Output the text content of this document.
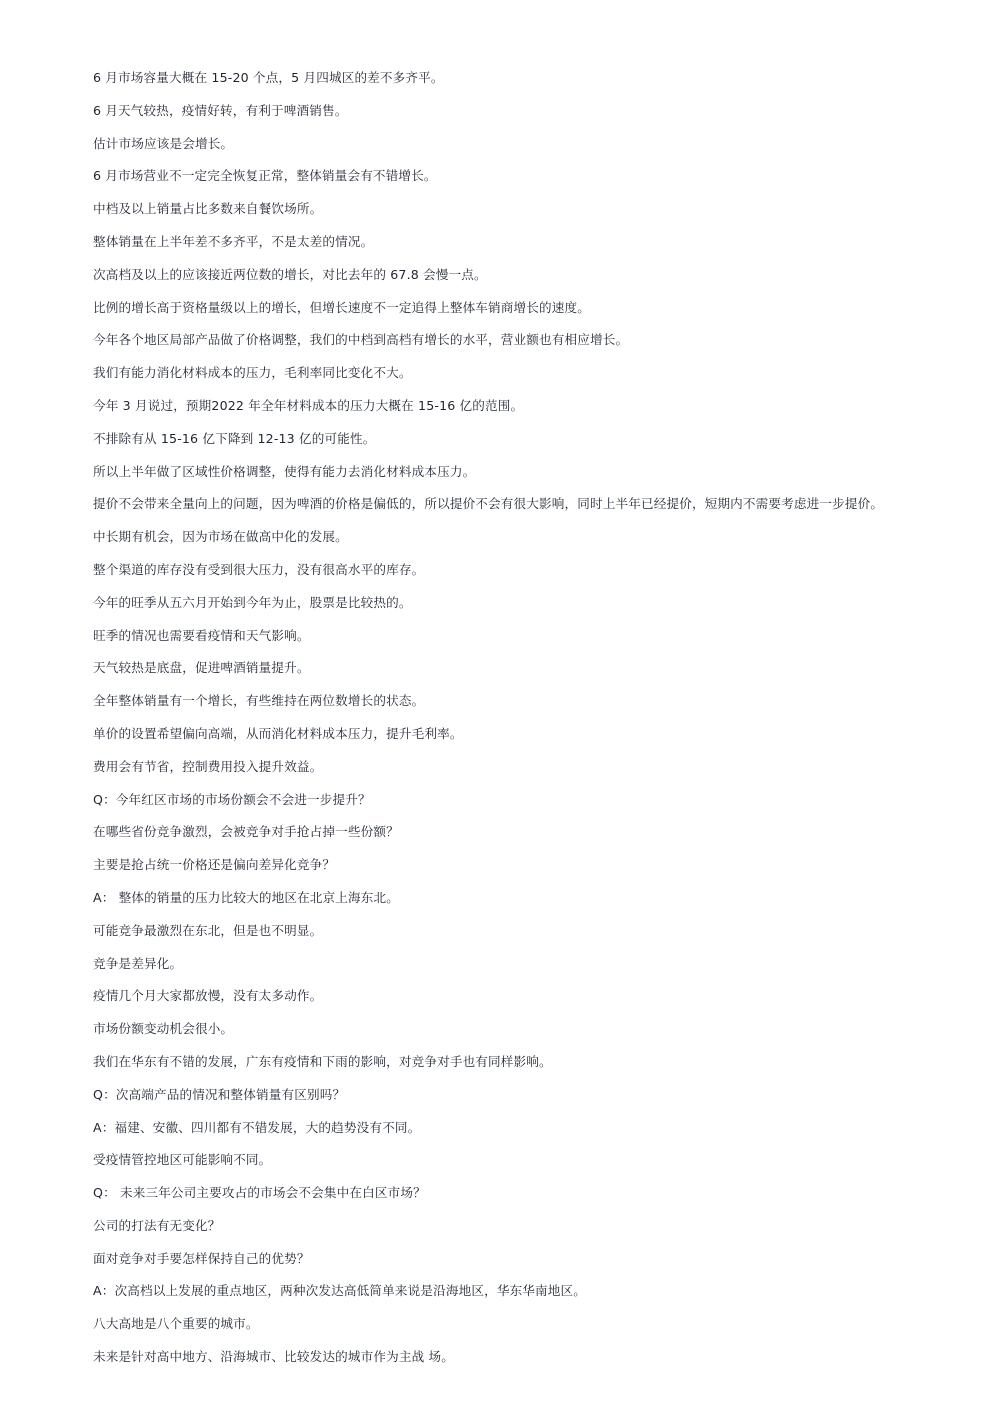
6 月市场容量大概在 15-20 个点，5 月四城区的差不多齐平。
6 月天气较热，疫情好转，有利于啤酒销售。
估计市场应该是会增长。
6 月市场营业不一定完全恢复正常，整体销量会有不错增长。
中档及以上销量占比多数来自餐饮场所。
整体销量在上半年差不多齐平，不是太差的情况。
次高档及以上的应该接近两位数的增长，对比去年的 67.8 会慢一点。
比例的增长高于资格量级以上的增长，但增长速度不一定追得上整体车销商增长的速度。
今年各个地区局部产品做了价格调整，我们的中档到高档有增长的水平，营业额也有相应增长。
我们有能力消化材料成本的压力，毛利率同比变化不大。
今年 3 月说过，预期2022 年全年材料成本的压力大概在 15-16 亿的范围。
不排除有从 15-16 亿下降到 12-13 亿的可能性。
所以上半年做了区域性价格调整，使得有能力去消化材料成本压力。
提价不会带来全量向上的问题，因为啤酒的价格是偏低的，所以提价不会有很大影响，同时上半年已经提价，短期内不需要考虑进一步提价。
中长期有机会，因为市场在做高中化的发展。
整个渠道的库存没有受到很大压力，没有很高水平的库存。
今年的旺季从五六月开始到今年为止，股票是比较热的。
旺季的情况也需要看疫情和天气影响。
天气较热是底盘，促进啤酒销量提升。
全年整体销量有一个增长，有些维持在两位数增长的状态。
单价的设置希望偏向高端，从而消化材料成本压力，提升毛利率。
费用会有节省，控制费用投入提升效益。
Q：今年红区市场的市场份额会不会进一步提升？
在哪些省份竞争激烈，会被竞争对手抢占掉一些份额？
主要是抢占统一价格还是偏向差异化竞争？
A： 整体的销量的压力比较大的地区在北京上海东北。
可能竞争最激烈在东北，但是也不明显。
竞争是差异化。
疫情几个月大家都放慢，没有太多动作。
市场份额变动机会很小。
我们在华东有不错的发展，广东有疫情和下雨的影响，对竞争对手也有同样影响。
Q：次高端产品的情况和整体销量有区别吗？
A：福建、安徽、四川都有不错发展，大的趋势没有不同。
受疫情管控地区可能影响不同。
Q： 未来三年公司主要攻占的市场会不会集中在白区市场？
公司的打法有无变化？
面对竞争对手要怎样保持自己的优势？
A：次高档以上发展的重点地区，两种次发达高低简单来说是沿海地区，华东华南地区。
八大高地是八个重要的城市。
未来是针对高中地方、沿海城市、比较发达的城市作为主战 场。
